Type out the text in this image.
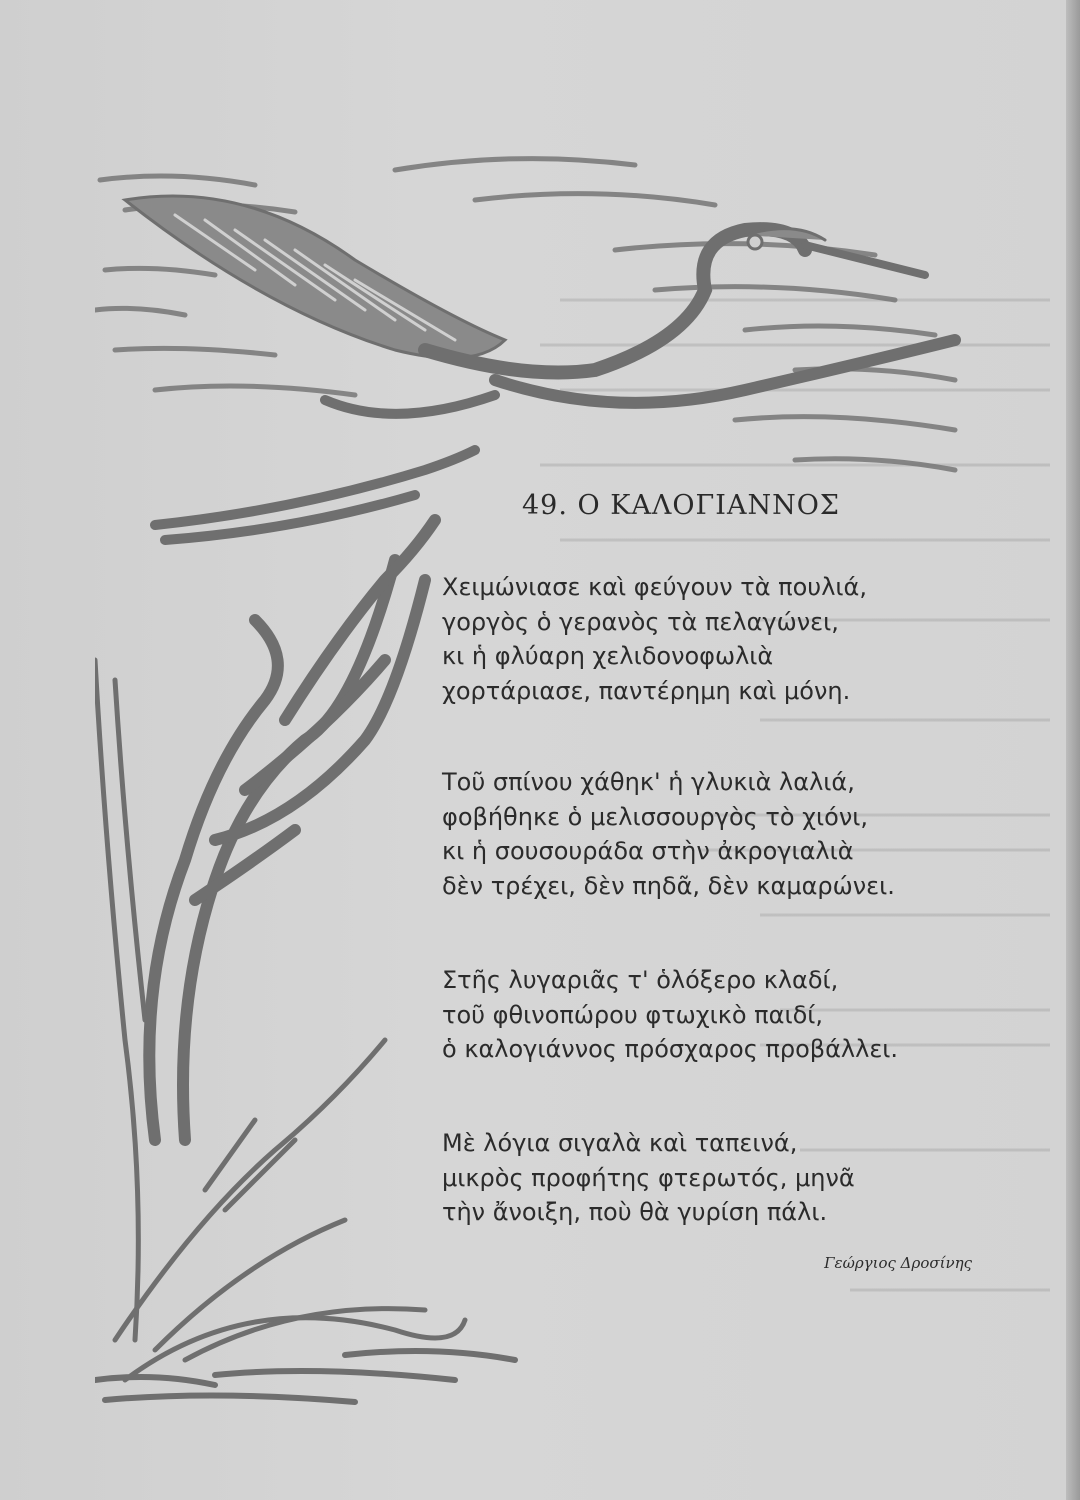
49. Ο ΚΑΛΟΓΙΑΝΝΟΣ
Χειμώνιασε καὶ φεύγουν τὰ πουλιά,
γοργὸς ὁ γερανὸς τὰ πελαγώνει,
κι ἡ φλύαρη χελιδονοφωλιὰ
χορτάριασε, παντέρημη καὶ μόνη.
Τοῦ σπίνου χάθηκ' ἡ γλυκιὰ λαλιά,
φοβήθηκε ὁ μελισσουργὸς τὸ χιόνι,
κι ἡ σουσουράδα στὴν ἀκρογιαλιὰ
δὲν τρέχει, δὲν πηδᾶ, δὲν καμαρώνει.
Στῆς λυγαριᾶς τ' ὁλόξερο κλαδί,
τοῦ φθινοπώρου φτωχικὸ παιδί,
ὁ καλογιάννος πρόσχαρος προβάλλει.
Μὲ λόγια σιγαλὰ καὶ ταπεινά,
μικρὸς προφήτης φτερωτός, μηνᾶ
τὴν ἄνοιξη, ποὺ θὰ γυρίση πάλι.
Γεώργιος Δροσίνης
